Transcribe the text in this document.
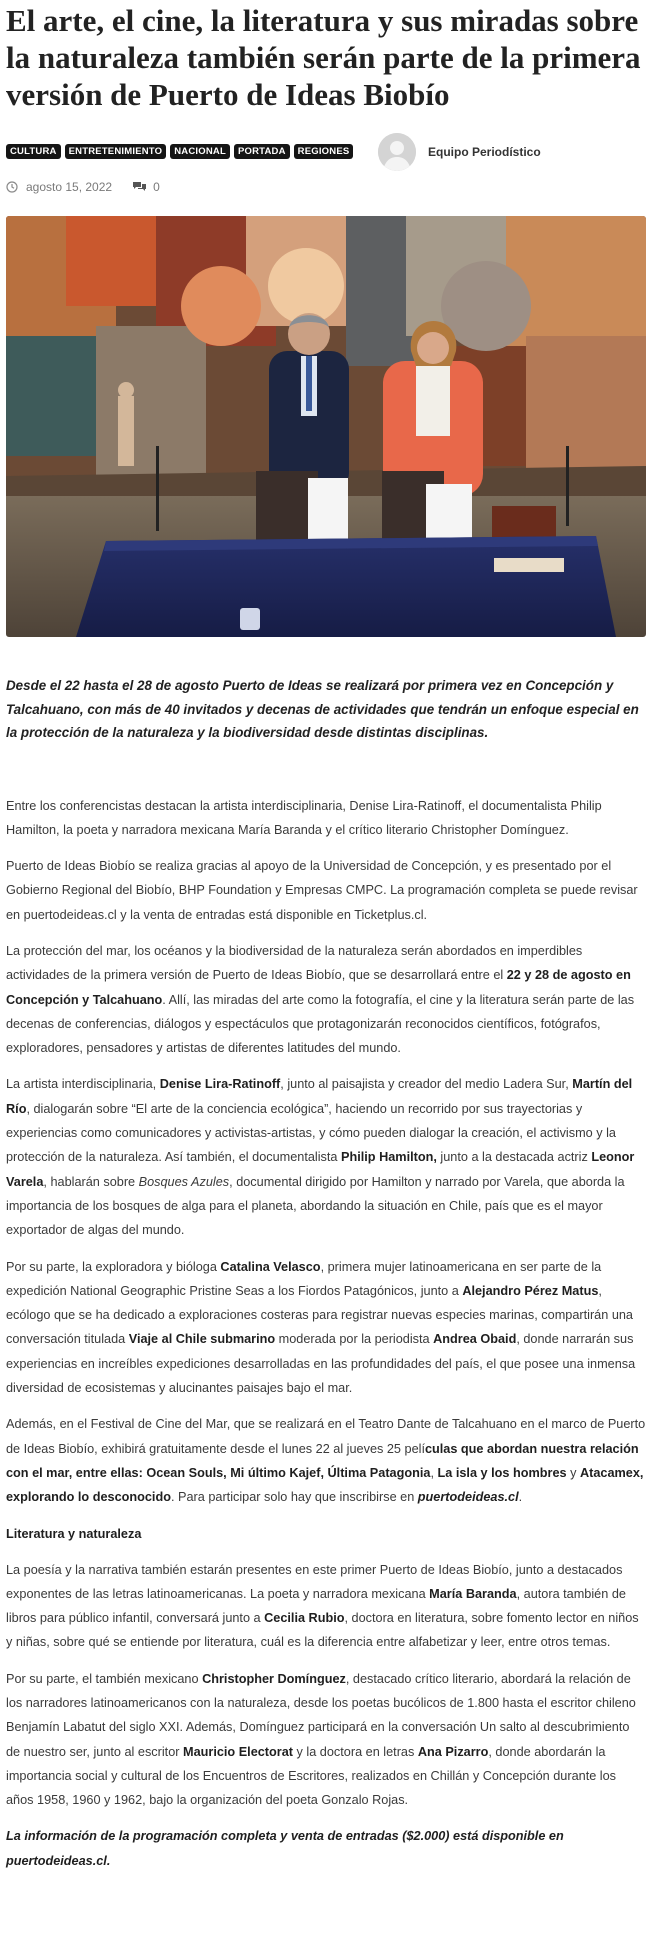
El arte, el cine, la literatura y sus miradas sobre la naturaleza también serán parte de la primera versión de Puerto de Ideas Biobío
CULTURA	ENTRETENIMIENTO	NACIONAL	PORTADA	REGIONES	Equipo Periodístico
agosto 15, 2022	0

Desde el 22 hasta el 28 de agosto Puerto de Ideas se realizará por primera vez en Concepción y Talcahuano, con más de 40 invitados y decenas de actividades que tendrán un enfoque especial en la protección de la naturaleza y la biodiversidad desde distintas disciplinas.

Entre los conferencistas destacan la artista interdisciplinaria, Denise Lira-Ratinoff, el documentalista Philip Hamilton, la poeta y narradora mexicana María Baranda y el crítico literario Christopher Domínguez.

Puerto de Ideas Biobío se realiza gracias al apoyo de la Universidad de Concepción, y es presentado por el Gobierno Regional del Biobío, BHP Foundation y Empresas CMPC. La programación completa se puede revisar en puertodeideas.cl y la venta de entradas está disponible en Ticketplus.cl.

La protección del mar, los océanos y la biodiversidad de la naturaleza serán abordados en imperdibles actividades de la primera versión de Puerto de Ideas Biobío, que se desarrollará entre el 22 y 28 de agosto en Concepción y Talcahuano. Allí, las miradas del arte como la fotografía, el cine y la literatura serán parte de las decenas de conferencias, diálogos y espectáculos que protagonizarán reconocidos científicos, fotógrafos, exploradores, pensadores y artistas de diferentes latitudes del mundo.

La artista interdisciplinaria, Denise Lira-Ratinoff, junto al paisajista y creador del medio Ladera Sur, Martín del Río, dialogarán sobre “El arte de la conciencia ecológica”, haciendo un recorrido por sus trayectorias y experiencias como comunicadores y activistas-artistas, y cómo pueden dialogar la creación, el activismo y la protección de la naturaleza. Así también, el documentalista Philip Hamilton, junto a la destacada actriz Leonor Varela, hablarán sobre Bosques Azules, documental dirigido por Hamilton y narrado por Varela, que aborda la importancia de los bosques de alga para el planeta, abordando la situación en Chile, país que es el mayor exportador de algas del mundo.

Por su parte, la exploradora y bióloga Catalina Velasco, primera mujer latinoamericana en ser parte de la expedición National Geographic Pristine Seas a los Fiordos Patagónicos, junto a Alejandro Pérez Matus, ecólogo que se ha dedicado a exploraciones costeras para registrar nuevas especies marinas, compartirán una conversación titulada Viaje al Chile submarino moderada por la periodista Andrea Obaid, donde narrarán sus experiencias en increíbles expediciones desarrolladas en las profundidades del país, el que posee una inmensa diversidad de ecosistemas y alucinantes paisajes bajo el mar.

Además, en el Festival de Cine del Mar, que se realizará en el Teatro Dante de Talcahuano en el marco de Puerto de Ideas Biobío, exhibirá gratuitamente desde el lunes 22 al jueves 25 películas que abordan nuestra relación con el mar, entre ellas: Ocean Souls, Mi último Kajef, Última Patagonia, La isla y los hombres y Atacamex, explorando lo desconocido. Para participar solo hay que inscribirse en puertodeideas.cl.

Literatura y naturaleza

La poesía y la narrativa también estarán presentes en este primer Puerto de Ideas Biobío, junto a destacados exponentes de las letras latinoamericanas. La poeta y narradora mexicana María Baranda, autora también de libros para público infantil, conversará junto a Cecilia Rubio, doctora en literatura, sobre fomento lector en niños y niñas, sobre qué se entiende por literatura, cuál es la diferencia entre alfabetizar y leer, entre otros temas.

Por su parte, el también mexicano Christopher Domínguez, destacado crítico literario, abordará la relación de los narradores latinoamericanos con la naturaleza, desde los poetas bucólicos de 1.800 hasta el escritor chileno Benjamín Labatut del siglo XXI. Además, Domínguez participará en la conversación Un salto al descubrimiento de nuestro ser, junto al escritor Mauricio Electorat y la doctora en letras Ana Pizarro, donde abordarán la importancia social y cultural de los Encuentros de Escritores, realizados en Chillán y Concepción durante los años 1958, 1960 y 1962, bajo la organización del poeta Gonzalo Rojas.

La información de la programación completa y venta de entradas ($2.000) está disponible en puertodeideas.cl.
